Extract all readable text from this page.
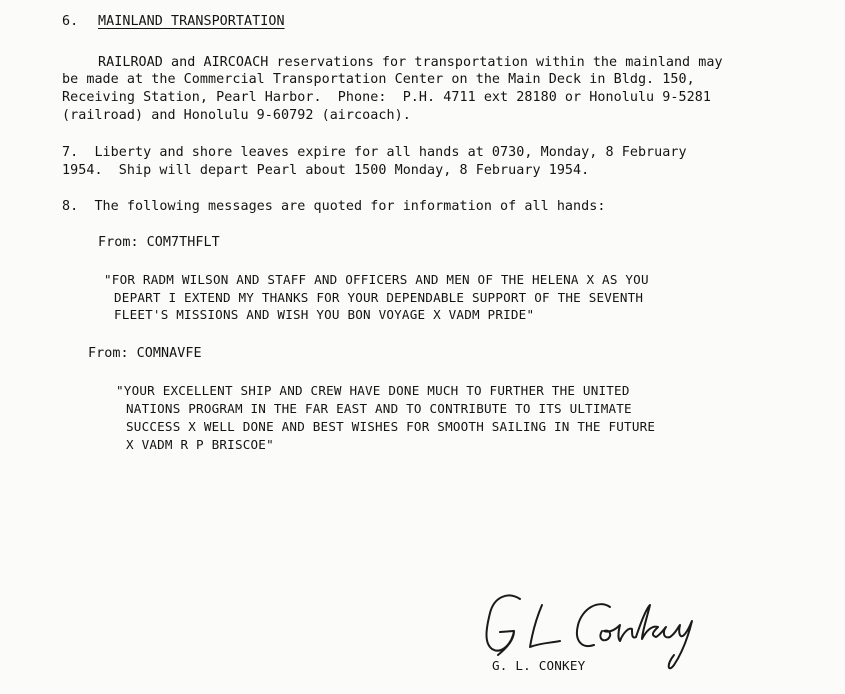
6. MAINLAND TRANSPORTATION
RAILROAD and AIRCOACH reservations for transportation within the mainland may
be made at the Commercial Transportation Center on the Main Deck in Bldg. 150,
Receiving Station, Pearl Harbor.  Phone:  P.H. 4711 ext 28180 or Honolulu 9-5281
(railroad) and Honolulu 9-60792 (aircoach).
7.  Liberty and shore leaves expire for all hands at 0730, Monday, 8 February
1954.  Ship will depart Pearl about 1500 Monday, 8 February 1954.
8.  The following messages are quoted for information of all hands:
From: COM7THFLT
"FOR RADM WILSON AND STAFF AND OFFICERS AND MEN OF THE HELENA X AS YOU
DEPART I EXTEND MY THANKS FOR YOUR DEPENDABLE SUPPORT OF THE SEVENTH
FLEET'S MISSIONS AND WISH YOU BON VOYAGE X VADM PRIDE"
From: COMNAVFE
"YOUR EXCELLENT SHIP AND CREW HAVE DONE MUCH TO FURTHER THE UNITED
NATIONS PROGRAM IN THE FAR EAST AND TO CONTRIBUTE TO ITS ULTIMATE
SUCCESS X WELL DONE AND BEST WISHES FOR SMOOTH SAILING IN THE FUTURE
X VADM R P BRISCOE"
G. L. CONKEY
